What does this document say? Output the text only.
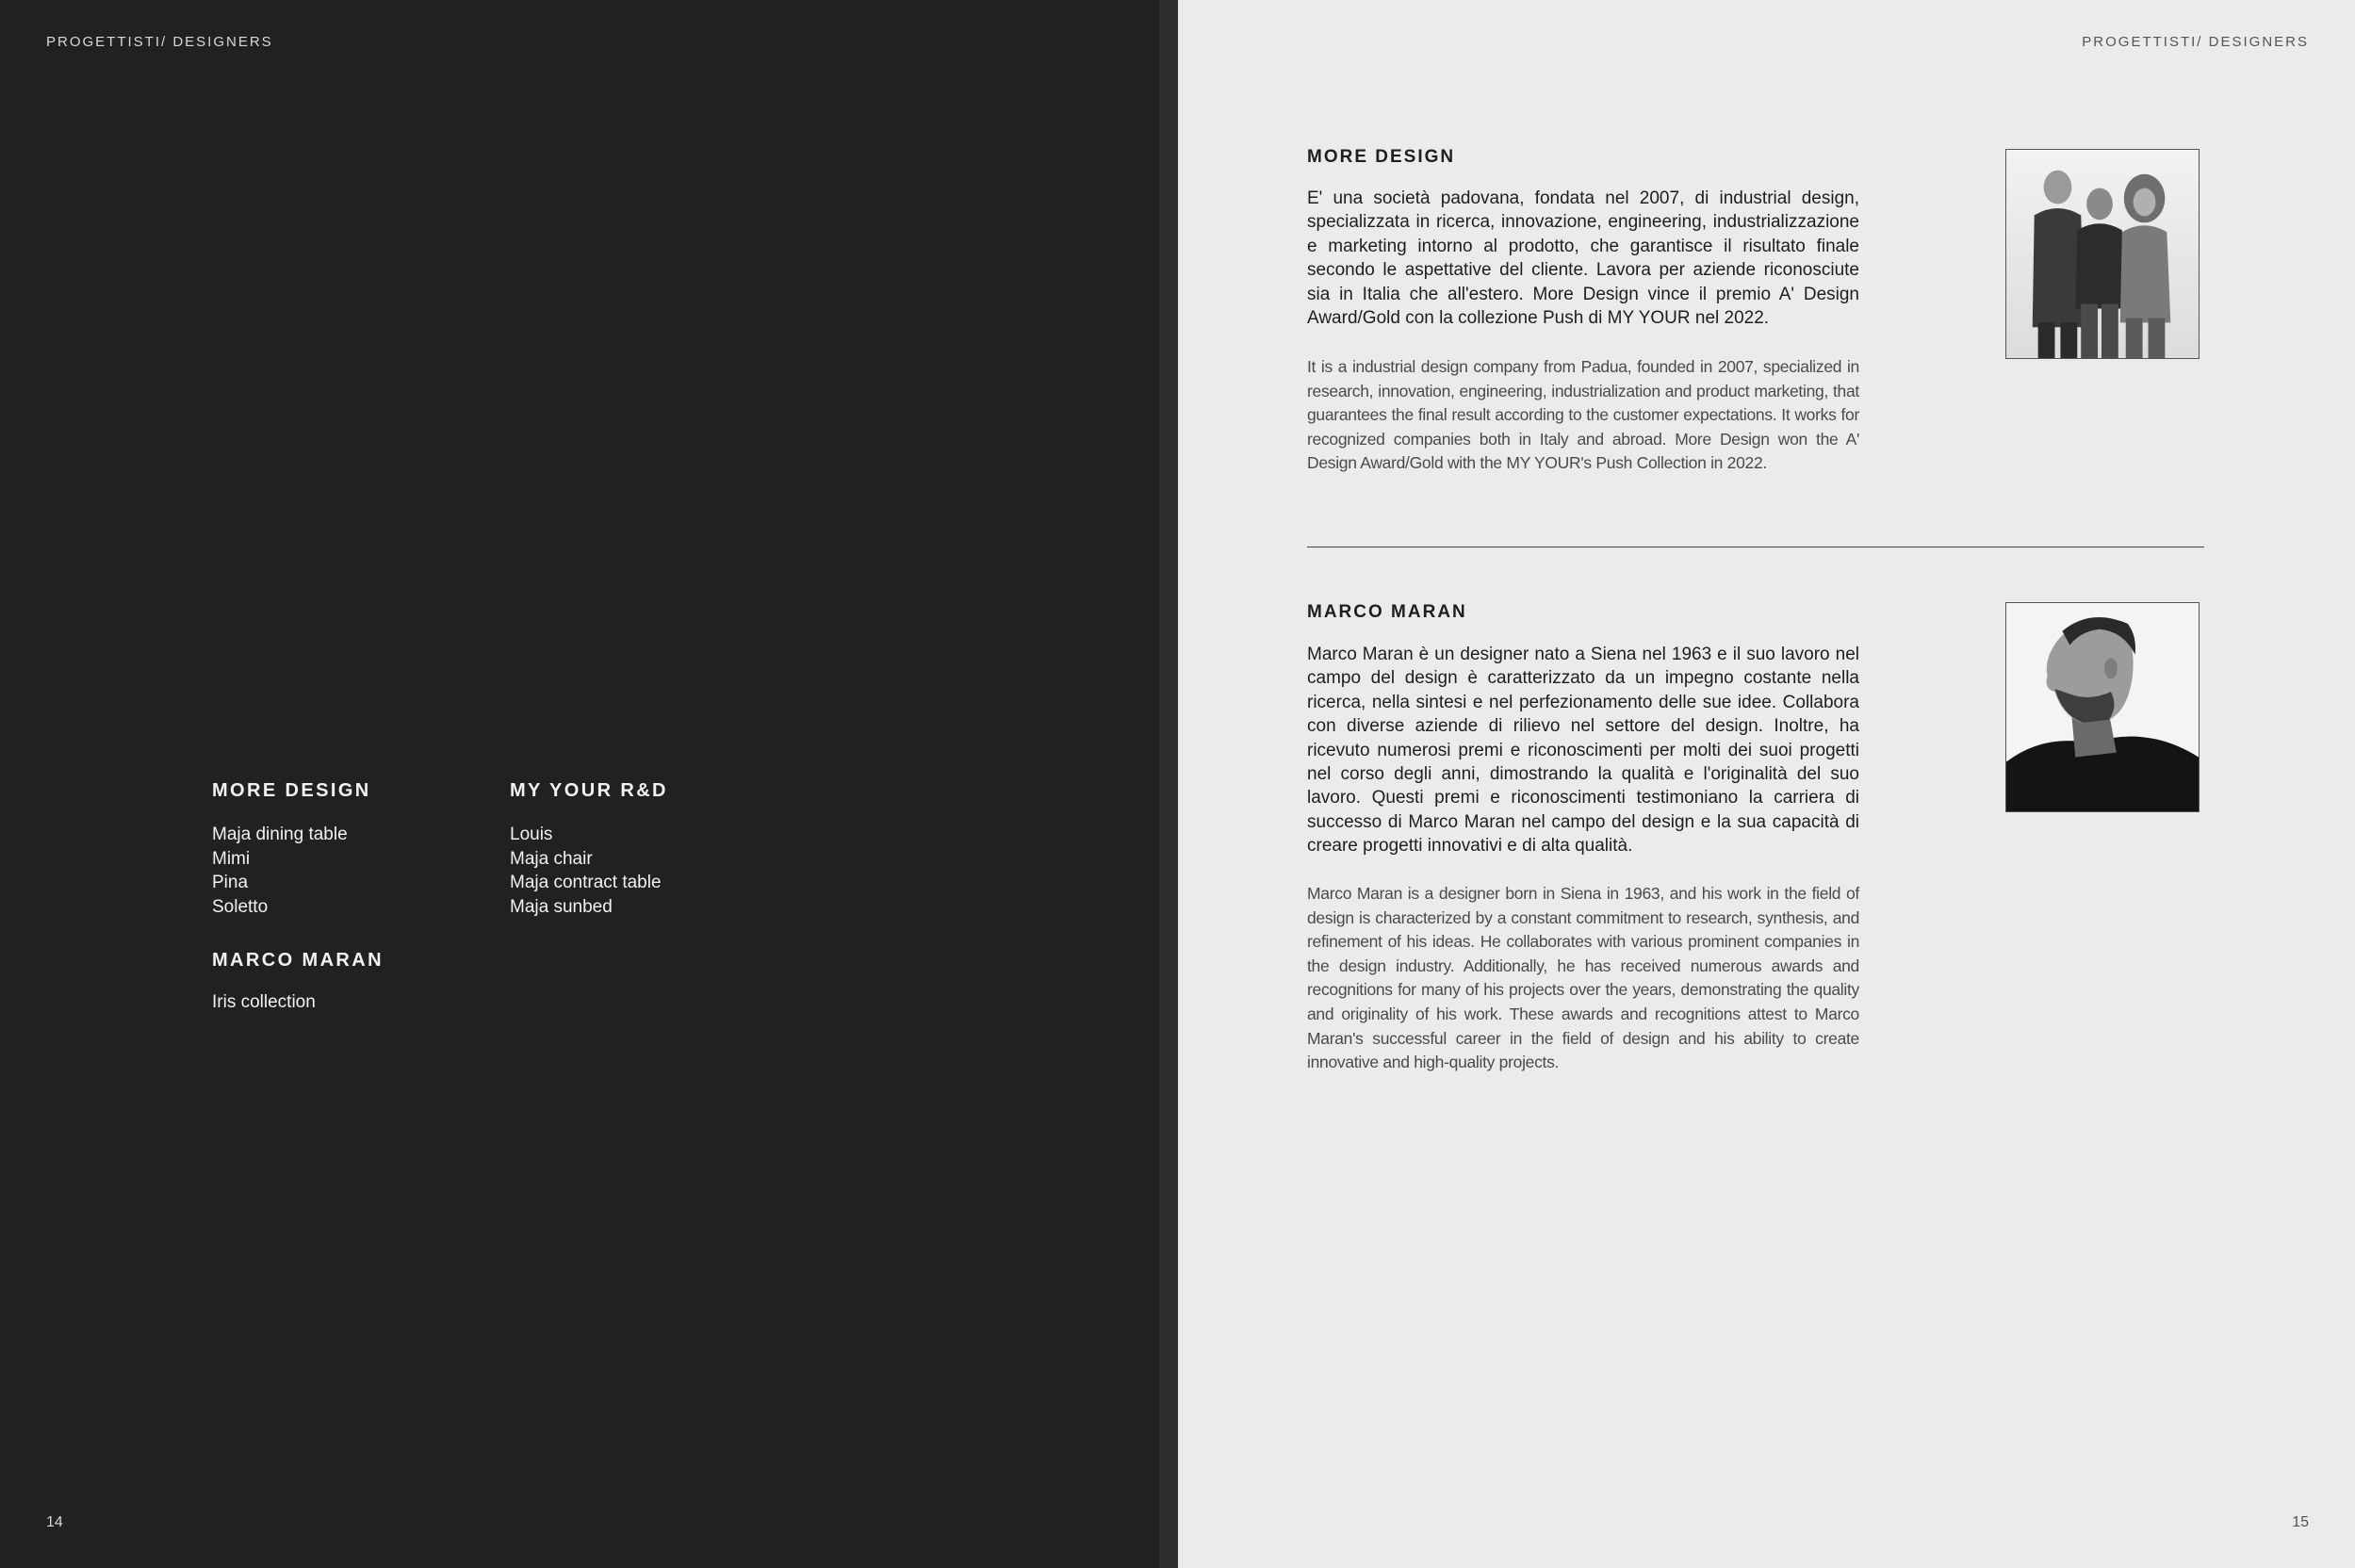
PROGETTISTI/ DESIGNERS
MORE DESIGN
Maja dining table
Mimi
Pina
Soletto
MY YOUR R&D
Louis
Maja chair
Maja contract table
Maja sunbed
MARCO MARAN
Iris collection
14
PROGETTISTI/ DESIGNERS
MORE DESIGN

E' una società padovana, fondata nel 2007, di industrial design, specializzata in ricerca, innovazione, engineering, industrializzazione e marketing intorno al prodotto, che garantisce il risultato finale secondo le aspettative del cliente. Lavora per aziende riconosciute sia in Italia che all'estero. More Design vince il premio A' Design Award/Gold con la collezione Push di MY YOUR nel 2022.

It is a industrial design company from Padua, founded in 2007, specialized in research, innovation, engineering, industrialization and product marketing, that guarantees the final result according to the customer expectations. It works for recognized companies both in Italy and abroad. More Design won the A' Design Award/Gold with the MY YOUR's Push Collection in 2022.

MARCO MARAN

Marco Maran è un designer nato a Siena nel 1963 e il suo lavoro nel campo del design è caratterizzato da un impegno costante nella ricerca, nella sintesi e nel perfezionamento delle sue idee. Collabora con diverse aziende di rilievo nel settore del design. Inoltre, ha ricevuto numerosi premi e riconoscimenti per molti dei suoi progetti nel corso degli anni, dimostrando la qualità e l'originalità del suo lavoro. Questi premi e riconoscimenti testimoniano la carriera di successo di Marco Maran nel campo del design e la sua capacità di creare progetti innovativi e di alta qualità.

Marco Maran is a designer born in Siena in 1963, and his work in the field of design is characterized by a constant commitment to research, synthesis, and refinement of his ideas. He collaborates with various prominent companies in the design industry. Additionally, he has received numerous awards and recognitions for many of his projects over the years, demonstrating the quality and originality of his work. These awards and recognitions attest to Marco Maran's successful career in the field of design and his ability to create innovative and high-quality projects.

15
